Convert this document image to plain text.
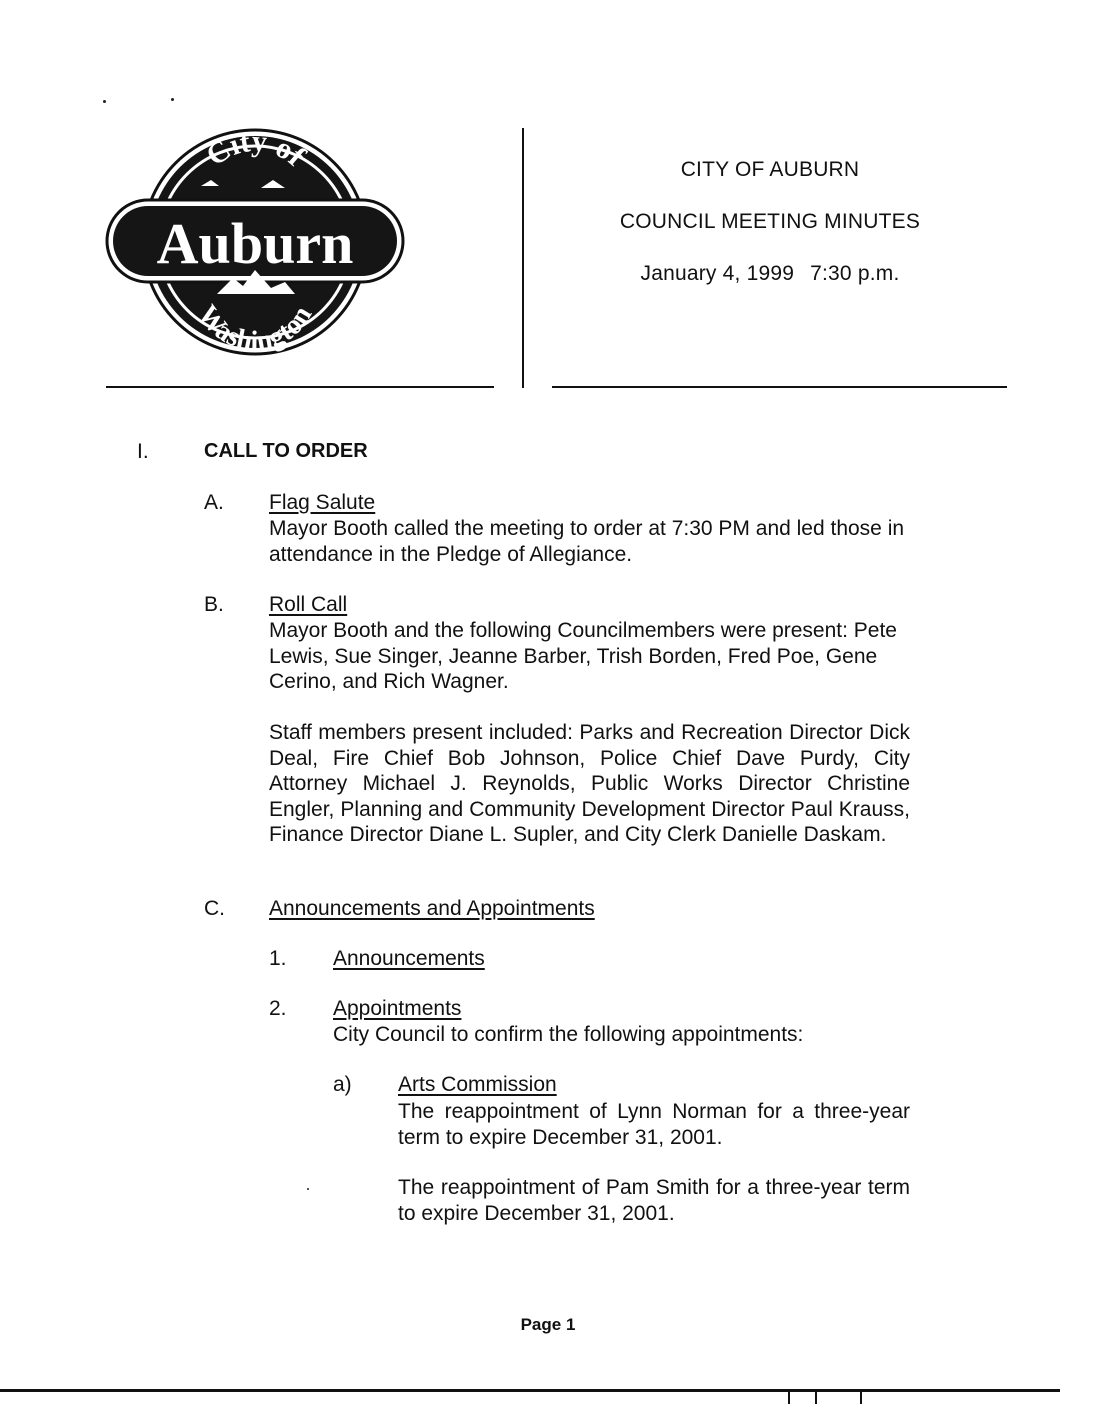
Auburn
City of
Washington
CITY OF AUBURN
COUNCIL MEETING MINUTES
January 4, 1999 7:30 p.m.
I.	CALL TO ORDER
A. Flag Salute
Mayor Booth called the meeting to order at 7:30 PM and led those in attendance in the Pledge of Allegiance.
B. Roll Call
Mayor Booth and the following Councilmembers were present: Pete Lewis, Sue Singer, Jeanne Barber, Trish Borden, Fred Poe, Gene Cerino, and Rich Wagner.
Staff members present included: Parks and Recreation Director Dick Deal, Fire Chief Bob Johnson, Police Chief Dave Purdy, City Attorney Michael J. Reynolds, Public Works Director Christine Engler, Planning and Community Development Director Paul Krauss, Finance Director Diane L. Supler, and City Clerk Danielle Daskam.
C. Announcements and Appointments
1. Announcements
2. Appointments
City Council to confirm the following appointments:
a) Arts Commission
The reappointment of Lynn Norman for a three-year term to expire December 31, 2001.
The reappointment of Pam Smith for a three-year term to expire December 31, 2001.
Page 1
